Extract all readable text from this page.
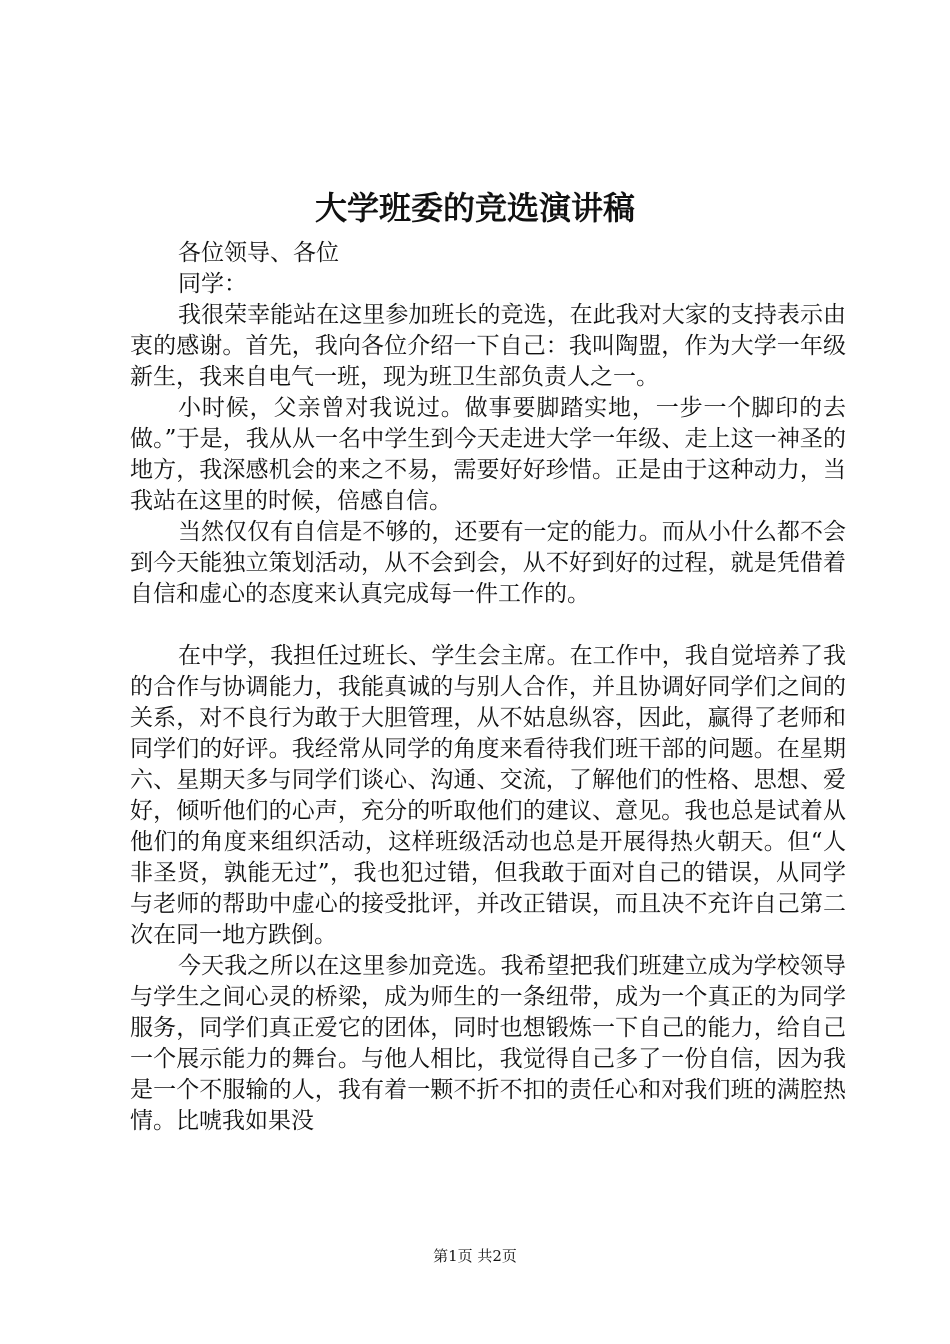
大学班委的竞选演讲稿

各位领导、各位

同学：

我很荣幸能站在这里参加班长的竞选，在此我对大家的支持表示由衷的感谢。首先，我向各位介绍一下自己：我叫陶盟，作为大学一年级新生，我来自电气一班，现为班卫生部负责人之一。

小时候，父亲曾对我说过。做事要脚踏实地，一步一个脚印的去做。”于是，我从从一名中学生到今天走进大学一年级、走上这一神圣的地方，我深感机会的来之不易，需要好好珍惜。正是由于这种动力，当我站在这里的时候，倍感自信。

当然仅仅有自信是不够的，还要有一定的能力。而从小什么都不会到今天能独立策划活动，从不会到会，从不好到好的过程，就是凭借着自信和虚心的态度来认真完成每一件工作的。

在中学，我担任过班长、学生会主席。在工作中，我自觉培养了我的合作与协调能力，我能真诚的与别人合作，并且协调好同学们之间的关系，对不良行为敢于大胆管理，从不姑息纵容，因此，赢得了老师和同学们的好评。我经常从同学的角度来看待我们班干部的问题。在星期六、星期天多与同学们谈心、沟通、交流，了解他们的性格、思想、爱好，倾听他们的心声，充分的听取他们的建议、意见。我也总是试着从他们的角度来组织活动，这样班级活动也总是开展得热火朝天。但“人非圣贤，孰能无过”，我也犯过错，但我敢于面对自己的错误，从同学与老师的帮助中虚心的接受批评，并改正错误，而且决不充许自己第二次在同一地方跌倒。

今天我之所以在这里参加竞选。我希望把我们班建立成为学校领导与学生之间心灵的桥梁，成为师生的一条纽带，成为一个真正的为同学服务，同学们真正爱它的团体，同时也想锻炼一下自己的能力，给自己一个展示能力的舞台。与他人相比，我觉得自己多了一份自信，因为我是一个不服输的人，我有着一颗不折不扣的责任心和对我们班的满腔热情。比唬我如果没

第1页 共2页
